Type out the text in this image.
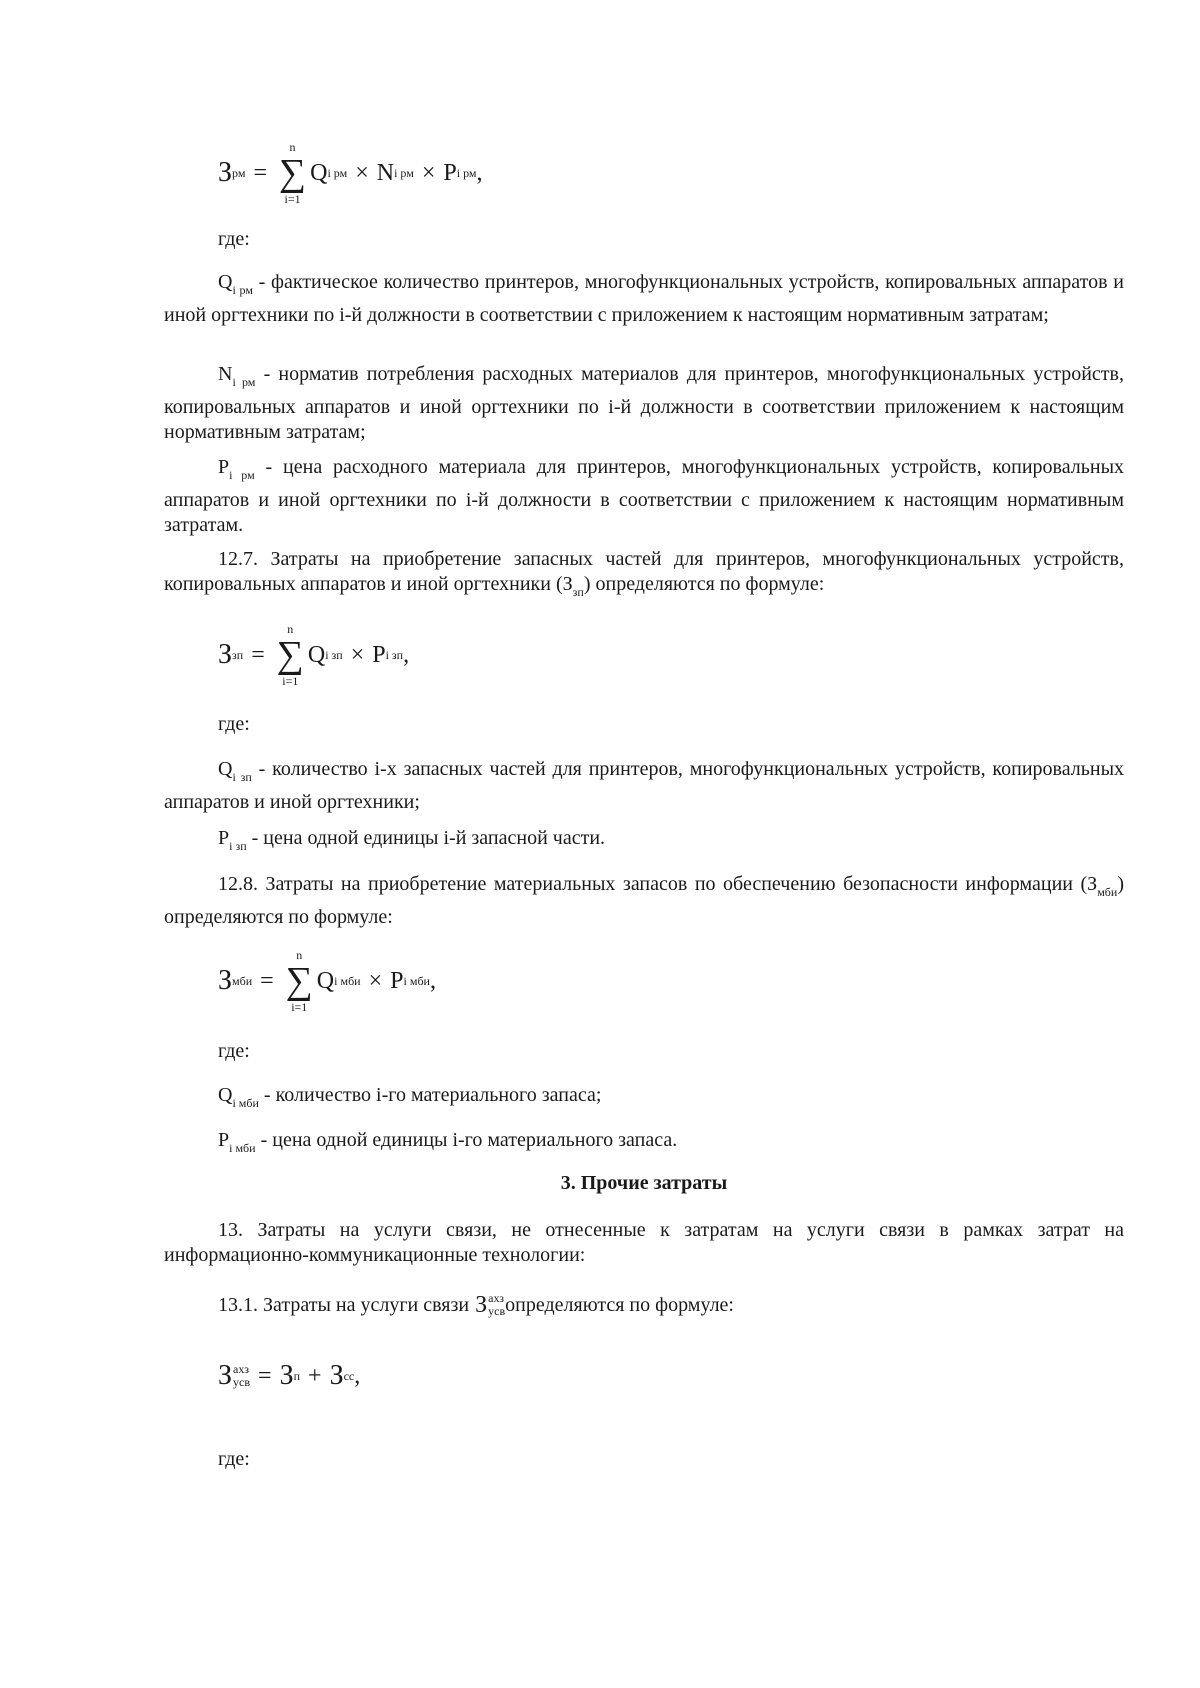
З рм =
n
∑
i=1
Q i рм × N i рм × P i рм ,
где:

$Q_{i рм}$ - фактическое количество принтеров, многофункциональных устройств, копировальных аппаратов и иной оргтехники по i-й должности в соответствии с приложением к настоящим нормативным затратам;

$N_{i рм}$ - норматив потребления расходных материалов для принтеров, многофункциональных устройств, копировальных аппаратов и иной оргтехники по i-й должности в соответствии приложением к настоящим нормативным затратам;

$P_{i рм}$ - цена расходного материала для принтеров, многофункциональных устройств, копировальных аппаратов и иной оргтехники по i-й должности в соответствии с приложением к настоящим нормативным затратам.

12.7. Затраты на приобретение запасных частей для принтеров, многофункциональных устройств, копировальных аппаратов и иной оргтехники $(З_{зп})$ определяются по формуле:

З зп =
n
∑
i=1
Q i зп × P i зп ,
где:

$Q_{i зп}$ - количество i-х запасных частей для принтеров, многофункциональных устройств, копировальных аппаратов и иной оргтехники;

$P_{i зп}$ - цена одной единицы i-й запасной части.

12.8. Затраты на приобретение материальных запасов по обеспечению безопасности информации $(З_{мби})$ определяются по формуле:

З мби =
n
∑
i=1
Q i мби × P i мби ,
где:

$Q_{i мби}$ - количество i-го материального запаса;

$P_{i мби}$ - цена одной единицы i-го материального запаса.

3. Прочие затраты

13. Затраты на услуги связи, не отнесенные к затратам на услуги связи в рамках затрат на информационно-коммуникационные технологии:

13.1. Затраты на услуги связи З ахз
усв определяются по формуле:
З ахз
усв = З п + З сс ,
где:
